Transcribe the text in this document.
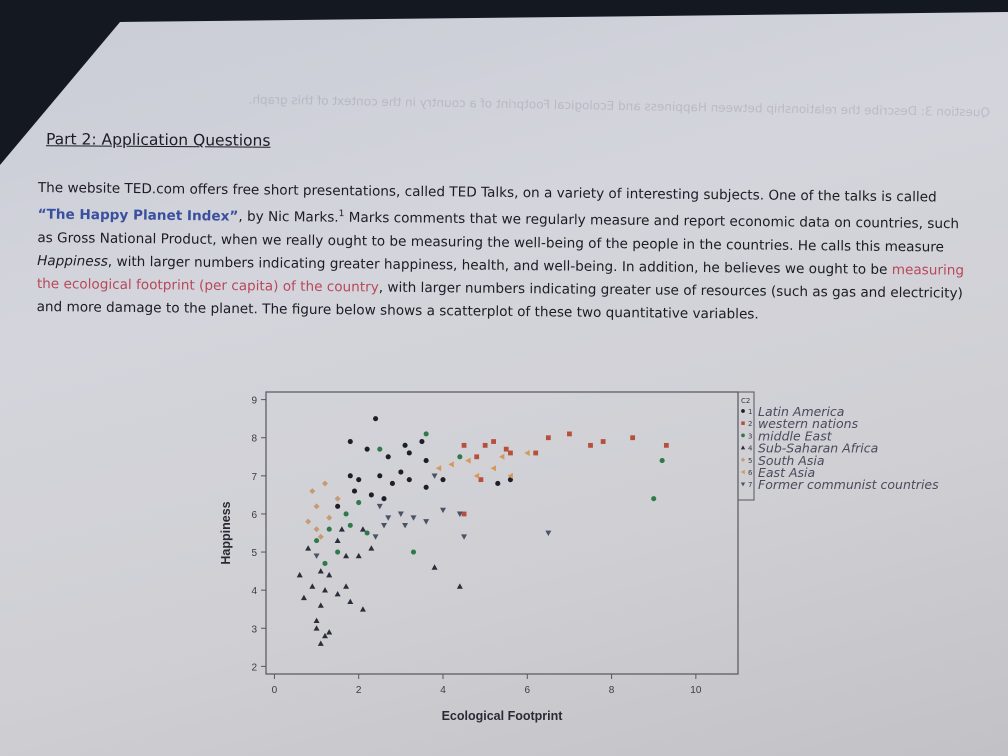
Question 3: Describe the relationship between Happiness and Ecological Footprint of a country in the context of this graph.
Part 2: Application Questions
The website TED.com offers free short presentations, called TED Talks, on a variety of interesting subjects. One of the talks is called “The Happy Planet Index”, by Nic Marks.$^1$ Marks comments that we regularly measure and report economic data on countries, such as Gross National Product, when we really ought to be measuring the well-being of the people in the countries. He calls this measure Happiness, with larger numbers indicating greater happiness, health, and well-being. In addition, he believes we ought to be measuring the ecological footprint (per capita) of the country, with larger numbers indicating greater use of resources (such as gas and electricity) and more damage to the planet. The figure below shows a scatterplot of these two quantitative variables.
2
3
4
5
6
7
8
9
0	2	4	6	8	10
Ecological Footprint
Happiness
C2
1 Latin America
2 western nations
3 middle East
4 Sub-Saharan Africa
5 South Asia
6 East Asia
7 Former communist countries
